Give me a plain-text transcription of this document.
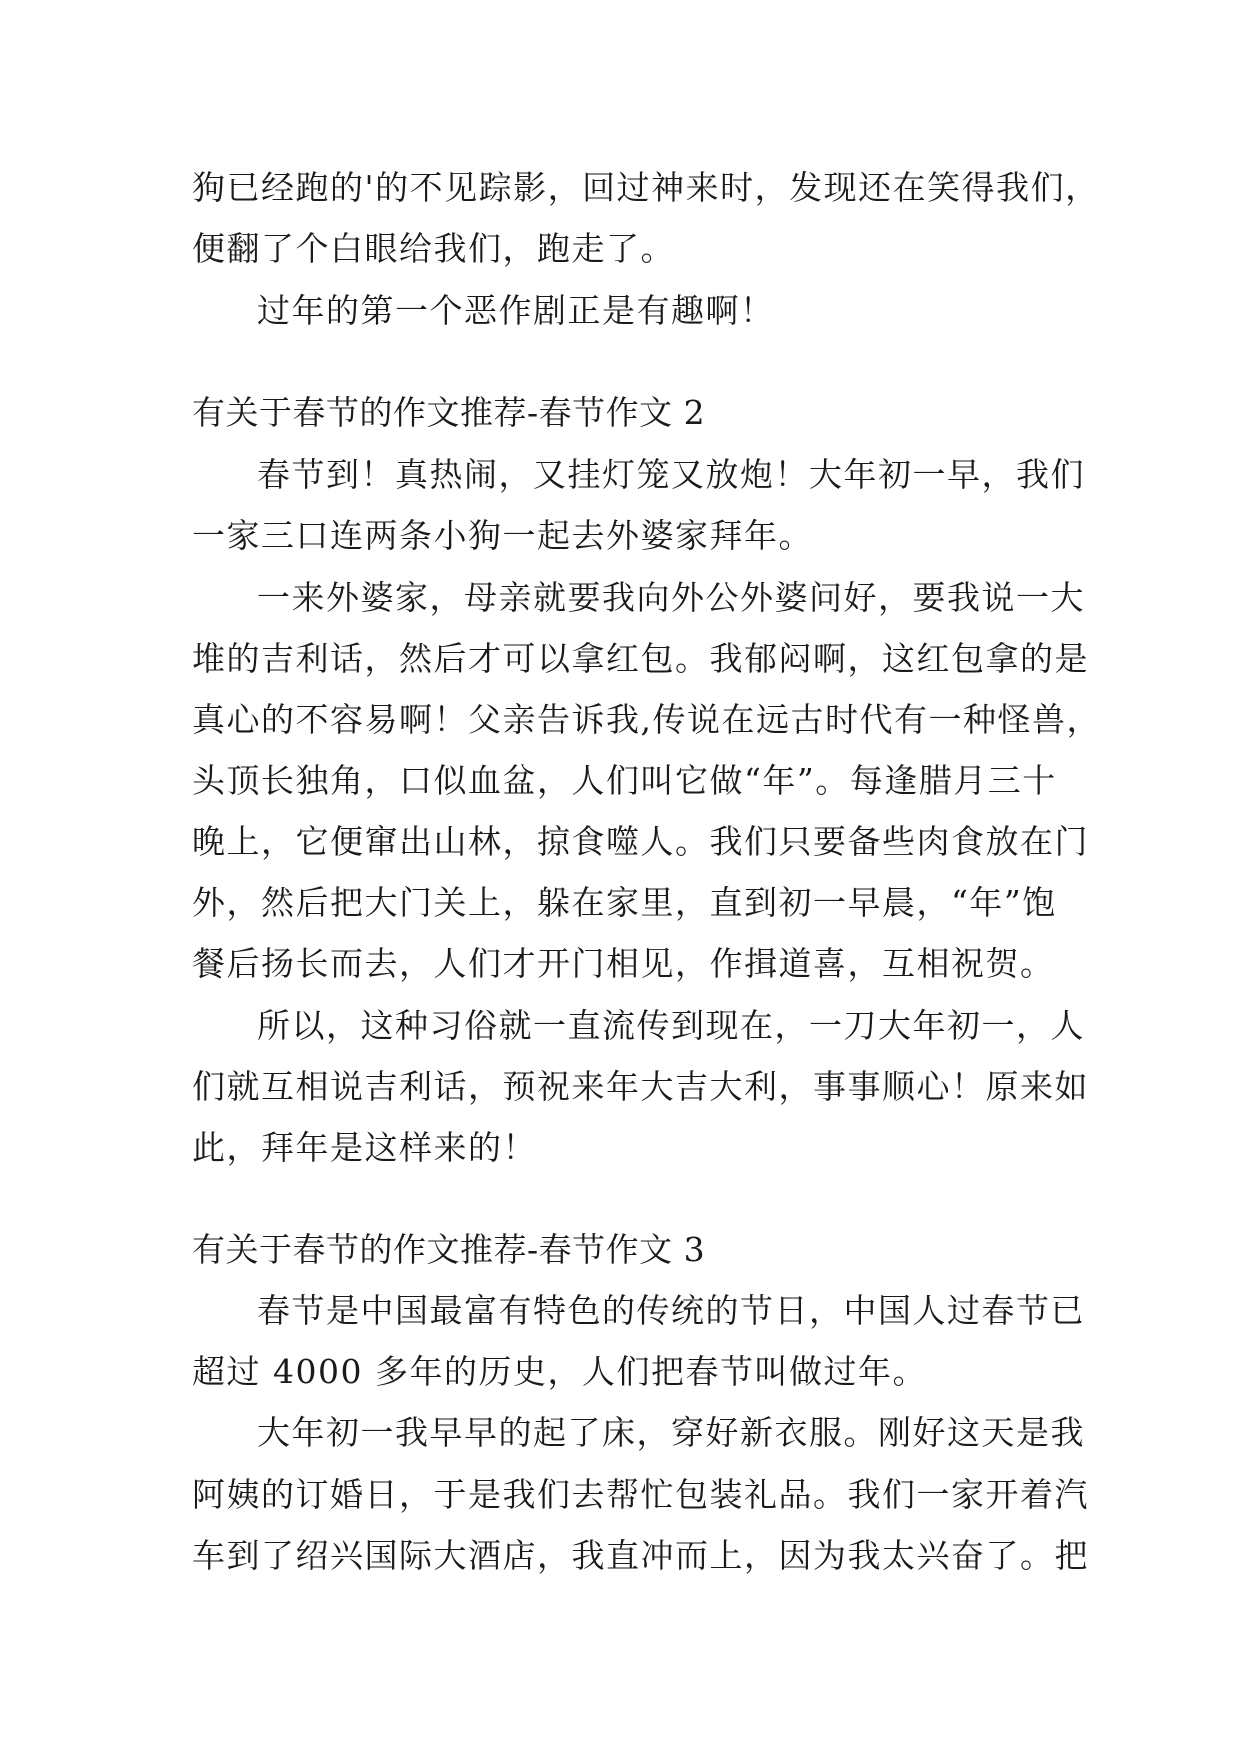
狗已经跑的'的不见踪影，回过神来时，发现还在笑得我们，
便翻了个白眼给我们，跑走了。
过年的第一个恶作剧正是有趣啊！
有关于春节的作文推荐-春节作文 2
春节到！真热闹，又挂灯笼又放炮！大年初一早，我们
一家三口连两条小狗一起去外婆家拜年。
一来外婆家，母亲就要我向外公外婆问好，要我说一大
堆的吉利话，然后才可以拿红包。我郁闷啊，这红包拿的是
真心的不容易啊！父亲告诉我,传说在远古时代有一种怪兽，
头顶长独角，口似血盆，人们叫它做“年”。每逢腊月三十
晚上，它便窜出山林，掠食噬人。我们只要备些肉食放在门
外，然后把大门关上，躲在家里，直到初一早晨，“年”饱
餐后扬长而去，人们才开门相见，作揖道喜，互相祝贺。
所以，这种习俗就一直流传到现在，一刀大年初一，人
们就互相说吉利话，预祝来年大吉大利，事事顺心！原来如
此，拜年是这样来的！
有关于春节的作文推荐-春节作文 3
春节是中国最富有特色的传统的节日，中国人过春节已
超过 4000 多年的历史，人们把春节叫做过年。
大年初一我早早的起了床，穿好新衣服。刚好这天是我
阿姨的订婚日，于是我们去帮忙包装礼品。我们一家开着汽
车到了绍兴国际大酒店，我直冲而上，因为我太兴奋了。把
